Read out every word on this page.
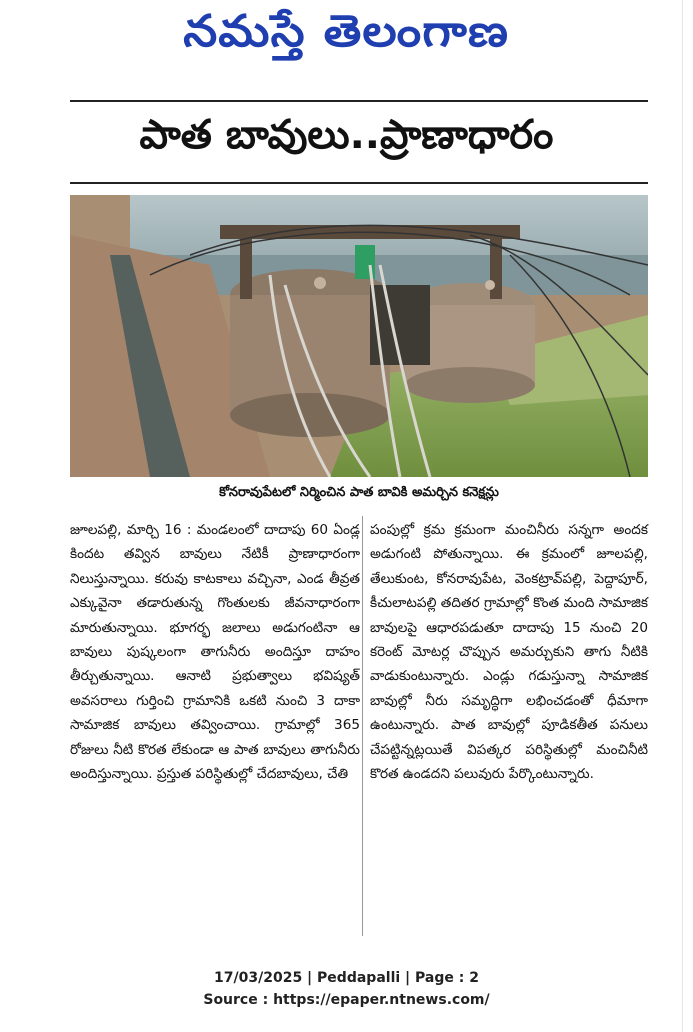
నమస్తే తెలంగాణ
పాత బావులు..ప్రాణాధారం
కోనరావుపేటలో నిర్మించిన పాత బావికి అమర్చిన కనెక్షన్లు
జూలపల్లి, మార్చి 16 : మండలంలో దాదాపు 60 ఏండ్ల కిందట తవ్విన బావులు నేటికీ ప్రాణాధారంగా నిలుస్తున్నాయి. కరువు కాటకాలు వచ్చినా, ఎండ తీవ్రత ఎక్కువైనా తడారుతున్న గొంతులకు జీవనాధారంగా మారుతున్నాయి. భూగర్భ జలాలు అడుగంటినా ఆ బావులు పుష్కలంగా తాగునీరు అందిస్తూ దాహం తీర్చుతున్నాయి. ఆనాటి ప్రభుత్వాలు భవిష్యత్ అవసరాలు గుర్తించి గ్రామానికి ఒకటి నుంచి 3 దాకా సామాజిక బావులు తవ్వించాయి. గ్రామాల్లో 365 రోజులు నీటి కొరత లేకుండా ఆ పాత బావులు తాగునీరు అందిస్తున్నాయి. ప్రస్తుత పరిస్థితుల్లో చేదబావులు, చేతి
పంపుల్లో క్రమ క్రమంగా మంచినీరు సన్నగా అందక అడుగంటి పోతున్నాయి. ఈ క్రమంలో జూలపల్లి, తేలుకుంట, కోనరావుపేట, వెంకట్రావ్‌పల్లి, పెద్దాపూర్, కీచులాటపల్లి తదితర గ్రామాల్లో కొంత మంది సామాజిక బావులపై ఆధారపడుతూ దాదాపు 15 నుంచి 20 కరెంట్ మోటర్ల చొప్పున అమర్చుకుని తాగు నీటికి వాడుకుంటున్నారు. ఎండ్లు గడుస్తున్నా సామాజిక బావుల్లో నీరు సమృద్ధిగా లభించడంతో ధీమాగా ఉంటున్నారు. పాత బావుల్లో పూడికతీత పనులు చేపట్టిన్నట్లయితే విపత్కర పరిస్థితుల్లో మంచినీటి కొరత ఉండదని పలువురు పేర్కొంటున్నారు.
17/03/2025 | Peddapalli | Page : 2
Source : https://epaper.ntnews.com/
